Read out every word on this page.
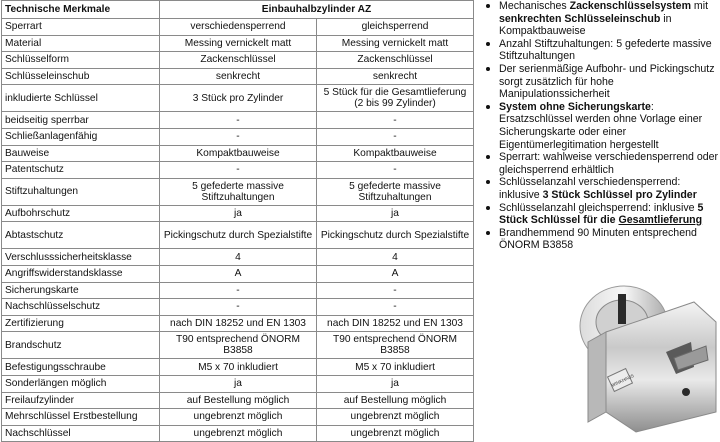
Technische Merkmale	Einbauhalbzylinder AZ	
Sperrart	verschiedensperrend	gleichsperrend
Material	Messing vernickelt matt	Messing vernickelt matt
Schlüsselform	Zackenschlüssel	Zackenschlüssel
Schlüsseleinschub	senkrecht	senkrecht
inkludierte Schlüssel	3 Stück pro Zylinder	5 Stück für die Gesamtlieferung (2 bis 99 Zylinder)
beidseitig sperrbar	-	-
Schließanlagenfähig	-	-
Bauweise	Kompaktbauweise	Kompaktbauweise
Patentschutz	-	-
Stiftzuhaltungen	5 gefederte massive Stiftzuhaltungen	5 gefederte massive Stiftzuhaltungen
Aufbohrschutz	ja	ja
Abtastschutz	Pickingschutz durch Spezialstifte	Pickingschutz durch Spezialstifte
Verschlusssicherheitsklasse	4	4
Angriffswiderstandsklasse	A	A
Sicherungskarte	-	-
Nachschlüsselschutz	-	-
Zertifizierung	nach DIN 18252 und EN 1303	nach DIN 18252 und EN 1303
Brandschutz	T90 entsprechend ÖNORM B3858	T90 entsprechend ÖNORM B3858
Befestigungsschraube	M5 x 70 inkludiert	M5 x 70 inkludiert
Sonderlängen möglich	ja	ja
Freilaufzylinder	auf Bestellung möglich	auf Bestellung möglich
Mehrschlüssel Erstbestellung	ungebrenzt möglich	ungebrenzt möglich
Nachschlüssel	ungebrenzt möglich	ungebrenzt möglich
Mechanisches Zackenschlüsselsystem mit senkrechten Schlüsseleinschub in Kompaktbauweise
Anzahl Stiftzuhaltungen: 5 gefederte massive Stiftzuhaltungen
Der serienmäßige Aufbohr- und Pickingschutz sorgt zusätzlich für hohe Manipulationssicherheit
System ohne Sicherungskarte: Ersatzschlüssel werden ohne Vorlage einer Sicherungskarte oder einer Eigentümerlegitimation hergestellt
Sperrart: wahlweise verschiedensperrend oder gleichsperrend erhältlich
Schlüsselanzahl verschiedensperrend: inklusive 3 Stück Schlüssel pro Zylinder
Schlüsselanzahl gleichsperrend: inklusive 5 Stück Schlüssel für die Gesamtlieferung
Brandhemmend 90 Minuten entsprechend ÖNORM B3858
WINKHAUS
